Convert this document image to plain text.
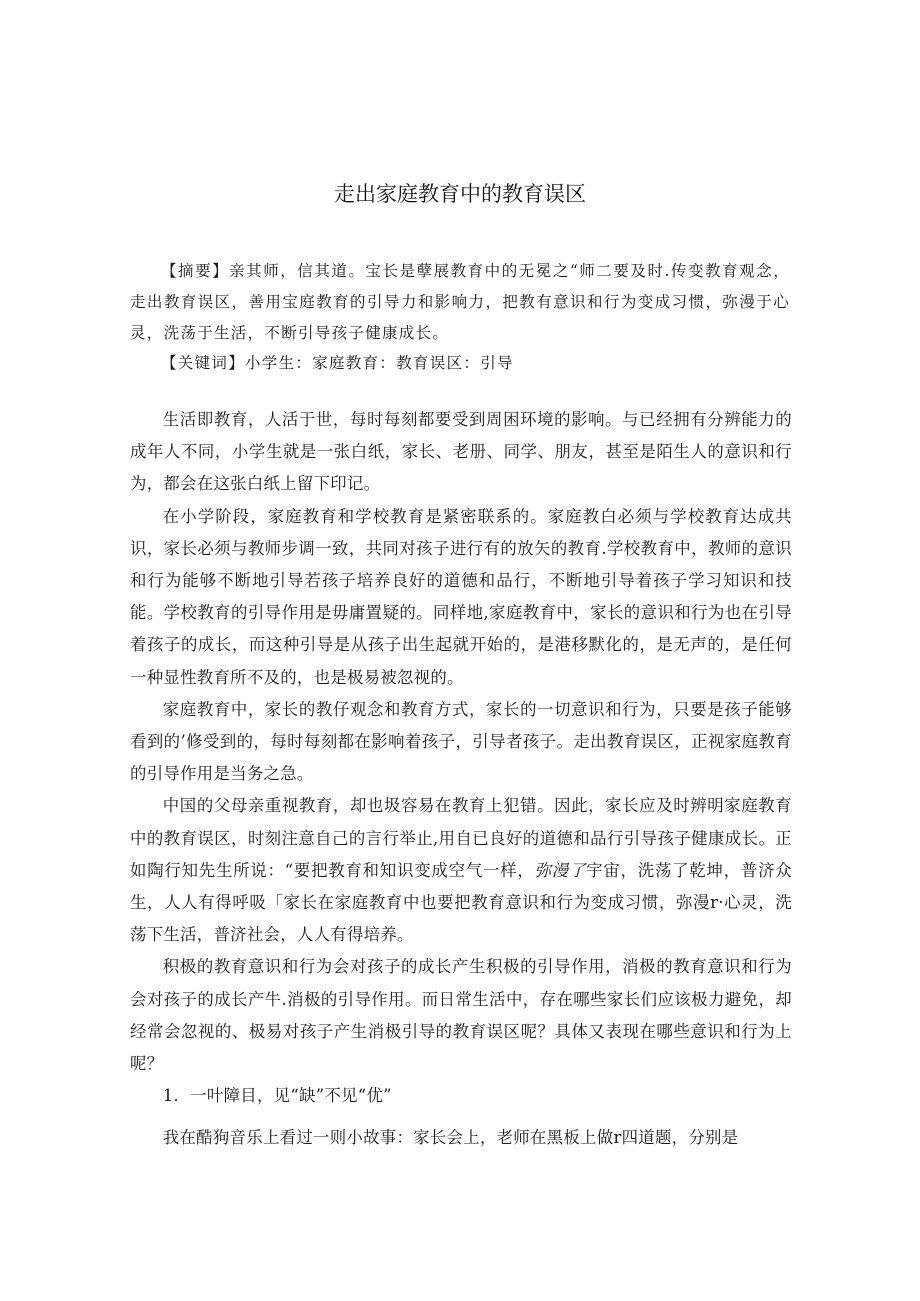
走出家庭教育中的教育误区

【摘要】亲其师，信其道。宝长是孽展教育中的无冕之“师二要及时.传变教育观念，走出教育误区，善用宝庭教育的引导力和影响力，把教有意识和行为变成习惯，弥漫于心灵，洗荡于生活，不断引导孩子健康成长。

【关键词】小学生：家庭教育：教育误区：引导

生活即教育，人活于世，每时每刻都要受到周困环境的影响。与已经拥有分辨能力的成年人不同，小学生就是一张白纸，家长、老册、同学、朋友，甚至是陌生人的意识和行为，都会在这张白纸上留下印记。

在小学阶段，家庭教育和学校教育是紧密联系的。家庭教白必须与学校教育达成共识，家长必须与教师步调一致，共同对孩子进行有的放矢的教育.学校教育中，教师的意识和行为能够不断地引导若孩子培养良好的道德和品行，不断地引导着孩子学习知识和技能。学校教育的引导作用是毋庸置疑的。同样地,家庭教育中，家长的意识和行为也在引导着孩子的成长，而这种引导是从孩子出生起就开始的，是港移默化的，是无声的，是任何一种显性教育所不及的，也是极易被忽视的。

家庭教育中，家长的教仔观念和教育方式，家长的一切意识和行为，只要是孩子能够看到的’修受到的，每时每刻都在影响着孩子，引导者孩子。走出教育误区，正视家庭教育的引导作用是当务之急。

中国的父母亲重视教育，却也圾容易在教育上犯错。因此，家长应及时辨明家庭教育中的教育误区，时刻注意自己的言行举止,用自已良好的道德和品行引导孩子健康成长。正如陶行知先生所说：“要把教育和知识变成空气一样，弥漫了宇宙，洗荡了乾坤，普济众生，人人有得呼吸「家长在家庭教育中也要把教育意识和行为变成习惯，弥漫r·心灵，洗荡下生活，普济社会，人人有得培养。

积极的教育意识和行为会对孩子的成长产生积极的引导作用，消极的教育意识和行为会对孩子的成长产牛.消极的引导作用。而日常生活中，存在哪些家长们应该极力避免，却经常会忽视的、极易对孩子产生消极引导的教育误区呢？具体又表现在哪些意识和行为上呢？

1．一叶障目，见“缺”不见“优”

我在酷狗音乐上看过一则小故事：家长会上，老师在黑板上做r四道题，分别是
